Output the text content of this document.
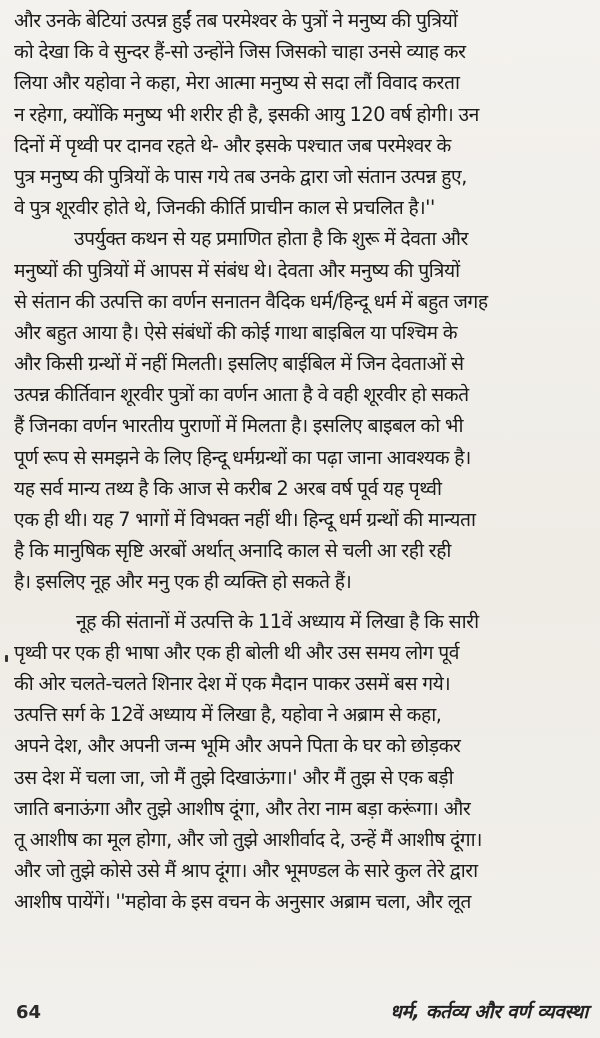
और उनके बेटियां उत्पन्न हुईं तब परमेश्वर के पुत्रों ने मनुष्य की पुत्रियों
को देखा कि वे सुन्दर हैं-सो उन्होंने जिस जिसको चाहा उनसे व्याह कर
लिया और यहोवा ने कहा, मेरा आत्मा मनुष्य से सदा लौं विवाद करता
न रहेगा, क्योंकि मनुष्य भी शरीर ही है, इसकी आयु 120 वर्ष होगी। उन
दिनों में पृथ्वी पर दानव रहते थे- और इसके पश्चात जब परमेश्वर के
पुत्र मनुष्य की पुत्रियों के पास गये तब उनके द्वारा जो संतान उत्पन्न हुए,
वे पुत्र शूरवीर होते थे, जिनकी कीर्ति प्राचीन काल से प्रचलित है।''
उपर्युक्त कथन से यह प्रमाणित होता है कि शुरू में देवता और
मनुष्यों की पुत्रियों में आपस में संबंध थे। देवता और मनुष्य की पुत्रियों
से संतान की उत्पत्ति का वर्णन सनातन वैदिक धर्म/हिन्दू धर्म में बहुत जगह
और बहुत आया है। ऐसे संबंधों की कोई गाथा बाइबिल या पश्चिम के
और किसी ग्रन्थों में नहीं मिलती। इसलिए बाईबिल में जिन देवताओं से
उत्पन्न कीर्तिवान शूरवीर पुत्रों का वर्णन आता है वे वही शूरवीर हो सकते
हैं जिनका वर्णन भारतीय पुराणों में मिलता है। इसलिए बाइबल को भी
पूर्ण रूप से समझने के लिए हिन्दू धर्मग्रन्थों का पढ़ा जाना आवश्यक है।
यह सर्व मान्य तथ्य है कि आज से करीब 2 अरब वर्ष पूर्व यह पृथ्वी
एक ही थी। यह 7 भागों में विभक्त नहीं थी। हिन्दू धर्म ग्रन्थों की मान्यता
है कि मानुषिक सृष्टि अरबों अर्थात् अनादि काल से चली आ रही रही
है। इसलिए नूह और मनु एक ही व्यक्ति हो सकते हैं।
नूह की संतानों में उत्पत्ति के 11वें अध्याय में लिखा है कि सारी
पृथ्वी पर एक ही भाषा और एक ही बोली थी और उस समय लोग पूर्व
की ओर चलते-चलते शिनार देश में एक मैदान पाकर उसमें बस गये।
उत्पत्ति सर्ग के 12वें अध्याय में लिखा है, यहोवा ने अब्राम से कहा,
अपने देश, और अपनी जन्म भूमि और अपने पिता के घर को छोड़कर
उस देश में चला जा, जो मैं तुझे दिखाऊंगा।' और मैं तुझ से एक बड़ी
जाति बनाऊंगा और तुझे आशीष दूंगा, और तेरा नाम बड़ा करूंगा। और
तू आशीष का मूल होगा, और जो तुझे आशीर्वाद दे, उन्हें मैं आशीष दूंगा।
और जो तुझे कोसे उसे मैं श्राप दूंगा। और भूमण्डल के सारे कुल तेरे द्वारा
आशीष पायेंगें। ''महोवा के इस वचन के अनुसार अब्राम चला, और लूत
64	धर्म, कर्तव्य और वर्ण व्यवस्था
